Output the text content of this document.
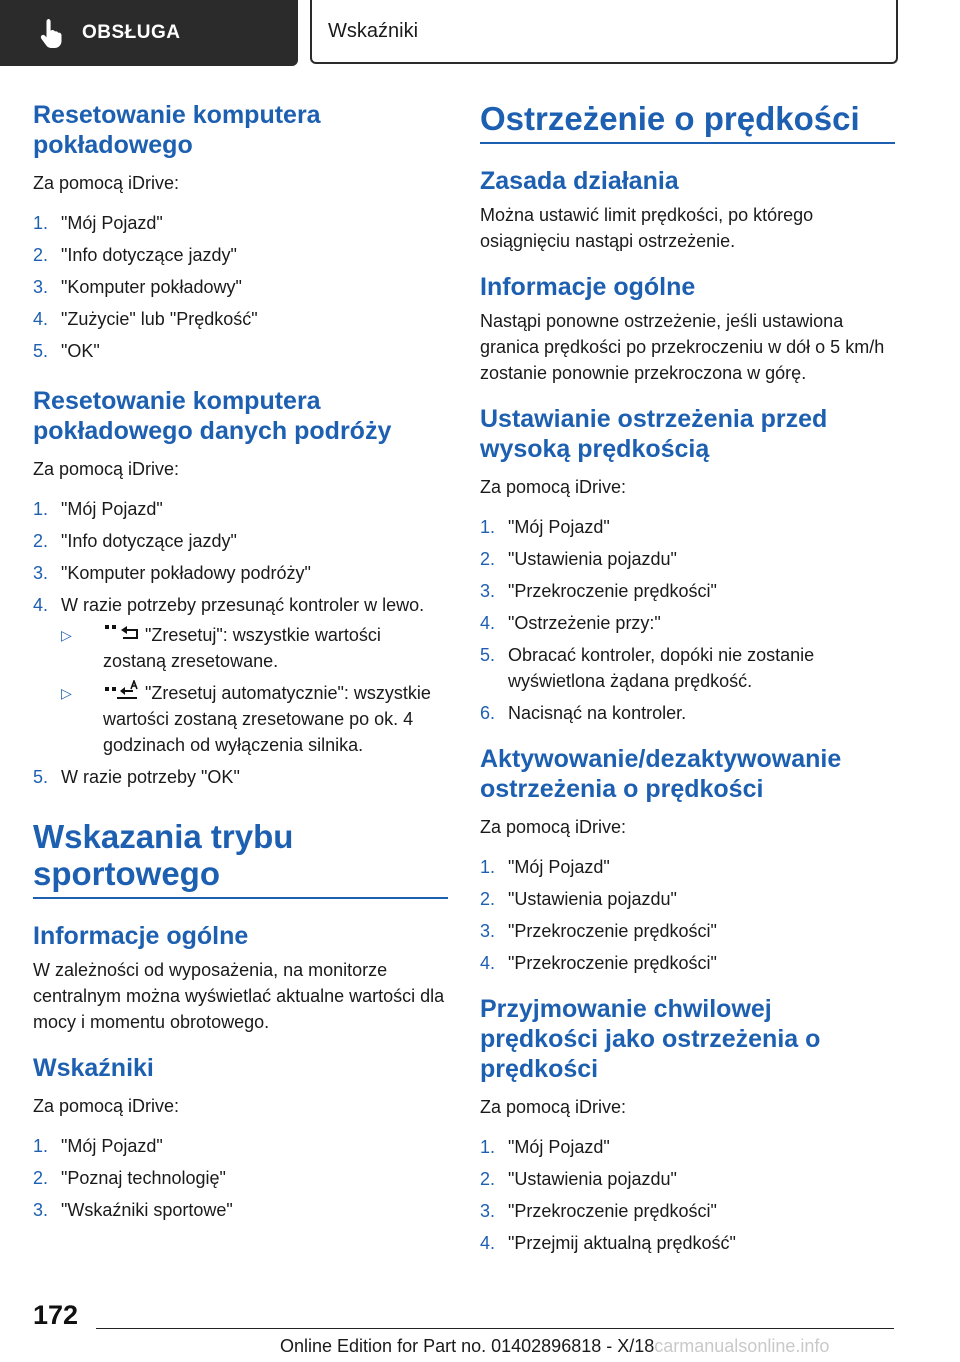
OBSŁUGA	Wskaźniki
Resetowanie komputera pokładowego

Za pomocą iDrive:

1. "Mój Pojazd"
2. "Info dotyczące jazdy"
3. "Komputer pokładowy"
4. "Zużycie" lub "Prędkość"
5. "OK"
Resetowanie komputera pokładowego danych podróży

Za pomocą iDrive:

1. "Mój Pojazd"
2. "Info dotyczące jazdy"
3. "Komputer pokładowy podróży"
4. W razie potrzeby przesunąć kontroler w lewo.
▷	"Zresetuj": wszystkie wartości zostaną zresetowane.
▷	"Zresetuj automatycznie": wszystkie wartości zostaną zresetowane po ok. 4 godzinach od wyłączenia silnika.
5. W razie potrzeby "OK"
Wskazania trybu sportowego
Informacje ogólne

W zależności od wyposażenia, na monitorze centralnym można wyświetlać aktualne wartości dla mocy i momentu obrotowego.

Wskaźniki

Za pomocą iDrive:

1. "Mój Pojazd"
2. "Poznaj technologię"
3. "Wskaźniki sportowe"
Ostrzeżenie o prędkości
Zasada działania

Można ustawić limit prędkości, po którego osiągnięciu nastąpi ostrzeżenie.

Informacje ogólne

Nastąpi ponowne ostrzeżenie, jeśli ustawiona granica prędkości po przekroczeniu w dół o 5 km/h zostanie ponownie przekroczona w górę.

Ustawianie ostrzeżenia przed wysoką prędkością

Za pomocą iDrive:

1. "Mój Pojazd"
2. "Ustawienia pojazdu"
3. "Przekroczenie prędkości"
4. "Ostrzeżenie przy:"
5. Obracać kontroler, dopóki nie zostanie wyświetlona żądana prędkość.
6. Nacisnąć na kontroler.
Aktywowanie/dezaktywowanie ostrzeżenia o prędkości

Za pomocą iDrive:

1. "Mój Pojazd"
2. "Ustawienia pojazdu"
3. "Przekroczenie prędkości"
4. "Przekroczenie prędkości"
Przyjmowanie chwilowej prędkości jako ostrzeżenia o prędkości

Za pomocą iDrive:

1. "Mój Pojazd"
2. "Ustawienia pojazdu"
3. "Przekroczenie prędkości"
4. "Przejmij aktualną prędkość"
172
Online Edition for Part no. 01402896818 - X/18carmanualsonline.info
